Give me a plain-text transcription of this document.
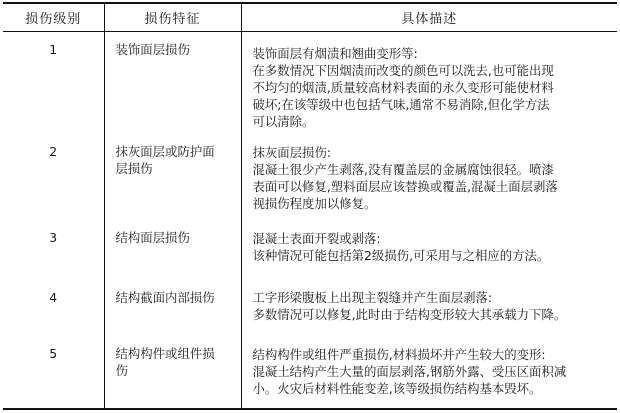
损伤级别	损伤特征	具体描述

1	装饰面层损伤	装饰面层有烟渍和翘曲变形等:
在多数情况下因烟渍而改变的颜色可以洗去,也可能出现
不均匀的烟渍,质量较高材料表面的永久变形可能使材料
破坏;在该等级中也包括气味,通常不易消除,但化学方法
可以清除。

2	抹灰面层或防护面
层损伤	抹灰面层损伤:
混凝土很少产生剥落,没有覆盖层的金属腐蚀很轻。喷漆
表面可以修复,塑料面层应该替换或覆盖,混凝土面层剥落
视损伤程度加以修复。

3	结构面层损伤	混凝土表面开裂或剥落:
该种情况可能包括第2级损伤,可采用与之相应的方法。

4	结构截面内部损伤	工字形梁腹板上出现主裂缝并产生面层剥落:
多数情况可以修复,此时由于结构变形较大其承载力下降。

5	结构构件或组件损
伤	结构构件或组件严重损伤,材料损坏并产生较大的变形:
混凝土结构产生大量的面层剥落,钢筋外露、受压区面积减
小。火灾后材料性能变差,该等级损伤结构基本毁坏。
